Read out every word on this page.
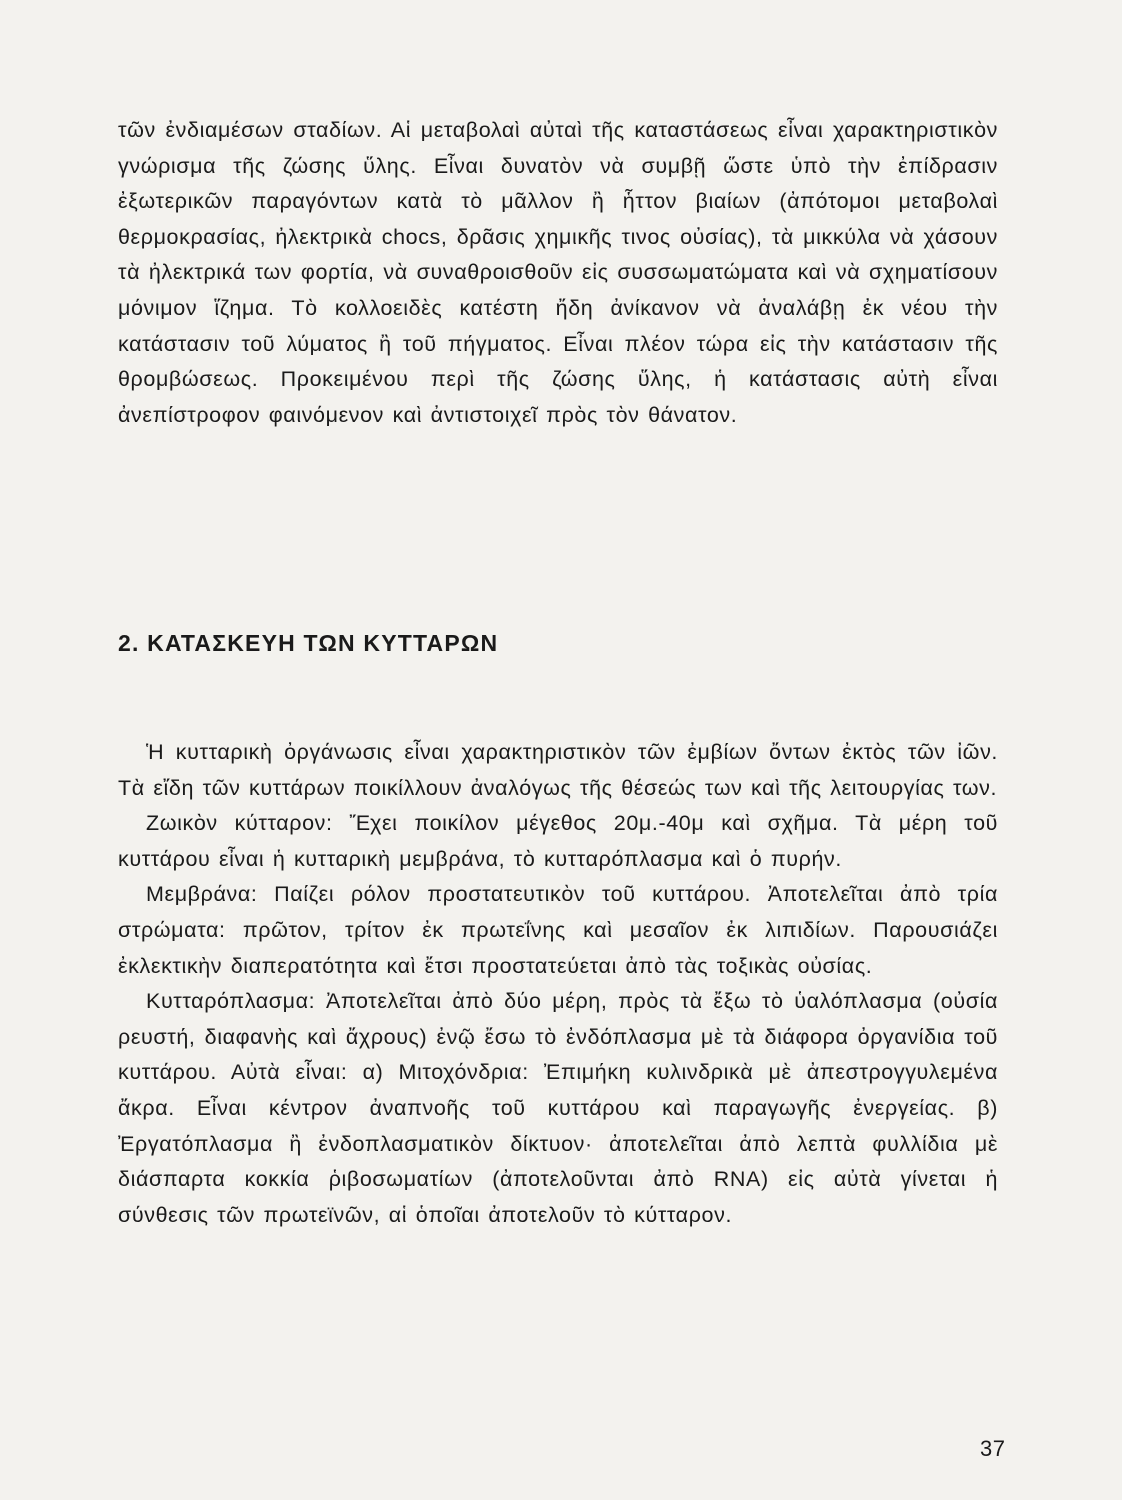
τῶν ἐνδιαμέσων σταδίων. Αἱ μεταβολαὶ αὐταὶ τῆς καταστάσεως εἶναι χαρακτηριστικὸν γνώρισμα τῆς ζώσης ὕλης. Εἶναι δυνατὸν νὰ συμβῇ ὥστε ὑπὸ τὴν ἐπίδρασιν ἐξωτερικῶν παραγόντων κατὰ τὸ μᾶλλον ἢ ἧττον βιαίων (ἀπότομοι μεταβολαὶ θερμοκρασίας, ἠλεκτρικὰ chocs, δρᾶσις χημικῆς τινος οὐσίας), τὰ μικκύλα νὰ χάσουν τὰ ἠλεκτρικά των φορτία, νὰ συναθροισθοῦν εἰς συσσωματώματα καὶ νὰ σχηματίσουν μόνιμον ἵζημα. Τὸ κολλοειδὲς κατέστη ἤδη ἀνίκανον νὰ ἀναλάβῃ ἐκ νέου τὴν κατάστασιν τοῦ λύματος ἢ τοῦ πήγματος. Εἶναι πλέον τώρα εἰς τὴν κατάστασιν τῆς θρομβώσεως. Προκειμένου περὶ τῆς ζώσης ὕλης, ἡ κατάστασις αὐτὴ εἶναι ἀνεπίστροφον φαινόμενον καὶ ἀντιστοιχεῖ πρὸς τὸν θάνατον.

2. ΚΑΤΑΣΚΕΥΗ ΤΩΝ ΚΥΤΤΑΡΩΝ

Ἡ κυτταρικὴ ὀργάνωσις εἶναι χαρακτηριστικὸν τῶν ἐμβίων ὄντων ἐκτὸς τῶν ἰῶν. Τὰ εἴδη τῶν κυττάρων ποικίλλουν ἀναλόγως τῆς θέσεώς των καὶ τῆς λειτουργίας των.

Ζωικὸν κύτταρον: Ἔχει ποικίλον μέγεθος 20μ.-40μ καὶ σχῆμα. Τὰ μέρη τοῦ κυττάρου εἶναι ἡ κυτταρικὴ μεμβράνα, τὸ κυτταρόπλασμα καὶ ὁ πυρήν.

Μεμβράνα: Παίζει ρόλον προστατευτικὸν τοῦ κυττάρου. Ἀποτελεῖται ἀπὸ τρία στρώματα: πρῶτον, τρίτον ἐκ πρωτεΐνης καὶ μεσαῖον ἐκ λιπιδίων. Παρουσιάζει ἐκλεκτικὴν διαπερατότητα καὶ ἔτσι προστατεύεται ἀπὸ τὰς τοξικὰς οὐσίας.

Κυτταρόπλασμα: Ἀποτελεῖται ἀπὸ δύο μέρη, πρὸς τὰ ἔξω τὸ ὑαλόπλασμα (οὐσία ρευστή, διαφανὴς καὶ ἄχρους) ἐνῷ ἔσω τὸ ἐνδόπλασμα μὲ τὰ διάφορα ὀργανίδια τοῦ κυττάρου. Αὐτὰ εἶναι: α) Μιτοχόνδρια: Ἐπιμήκη κυλινδρικὰ μὲ ἀπεστρογγυλεμένα ἄκρα. Εἶναι κέντρον ἀναπνοῆς τοῦ κυττάρου καὶ παραγωγῆς ἐνεργείας. β) Ἐργατόπλασμα ἢ ἐνδοπλασματικὸν δίκτυον· ἀποτελεῖται ἀπὸ λεπτὰ φυλλίδια μὲ διάσπαρτα κοκκία ῥιβοσωματίων (ἀποτελοῦνται ἀπὸ RNA) εἰς αὐτὰ γίνεται ἡ σύνθεσις τῶν πρωτεϊνῶν, αἱ ὁποῖαι ἀποτελοῦν τὸ κύτταρον.

37
